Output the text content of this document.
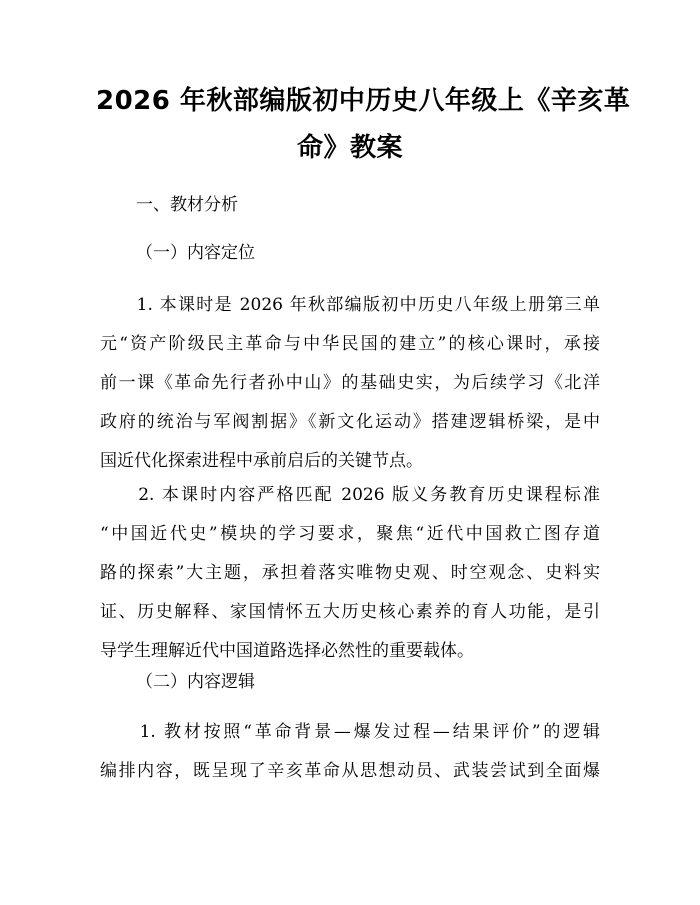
2026 年秋部编版初中历史八年级上《辛亥革
命》教案
一、教材分析
（一）内容定位
　　1. 本课时是 2026 年秋部编版初中历史八年级上册第三单
元“资产阶级民主革命与中华民国的建立”的核心课时，承接
前一课《革命先行者孙中山》的基础史实，为后续学习《北洋
政府的统治与军阀割据》《新文化运动》搭建逻辑桥梁，是中
国近代化探索进程中承前启后的关键节点。
　　2. 本课时内容严格匹配 2026 版义务教育历史课程标准
“中国近代史”模块的学习要求，聚焦“近代中国救亡图存道
路的探索”大主题，承担着落实唯物史观、时空观念、史料实
证、历史解释、家国情怀五大历史核心素养的育人功能，是引
导学生理解近代中国道路选择必然性的重要载体。
（二）内容逻辑
　　1. 教材按照“革命背景—爆发过程—结果评价”的逻辑
编排内容，既呈现了辛亥革命从思想动员、武装尝试到全面爆
